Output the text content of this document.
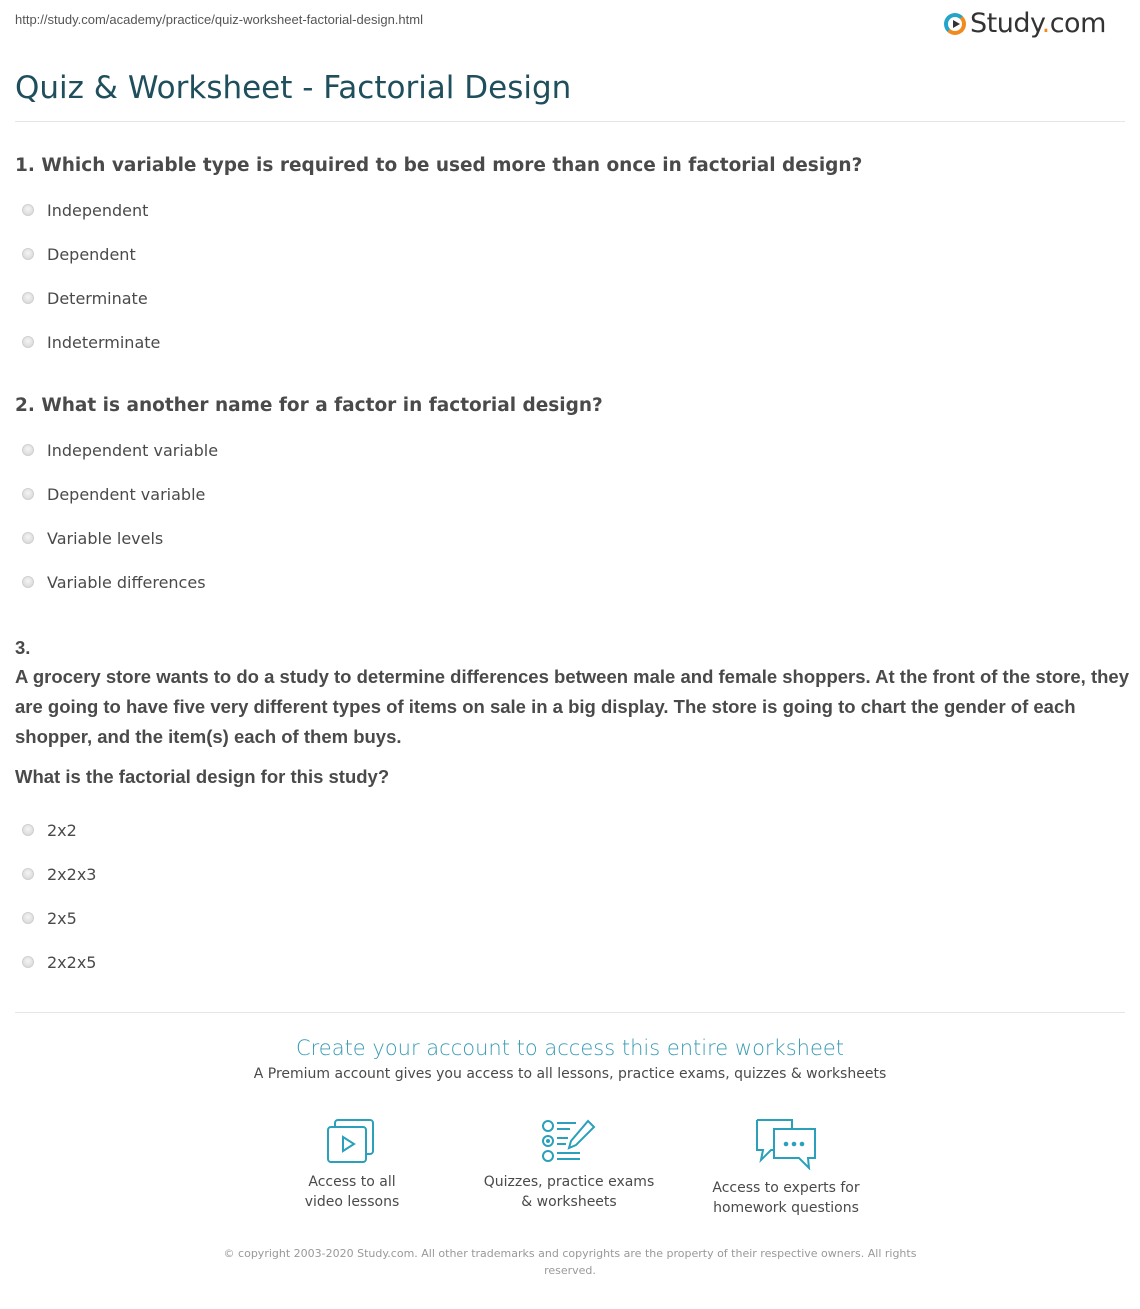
http://study.com/academy/practice/quiz-worksheet-factorial-design.html	Study.com
Quiz & Worksheet - Factorial Design
1. Which variable type is required to be used more than once in factorial design?
Independent
Dependent
Determinate
Indeterminate
2. What is another name for a factor in factorial design?
Independent variable
Dependent variable
Variable levels
Variable differences
3.
A grocery store wants to do a study to determine differences between male and female shoppers. At the front of the store, they are going to have five very different types of items on sale in a big display. The store is going to chart the gender of each shopper, and the item(s) each of them buys.
What is the factorial design for this study?
2x2
2x2x3
2x5
2x2x5
Create your account to access this entire worksheet
A Premium account gives you access to all lessons, practice exams, quizzes & worksheets
Access to all
video lessons
Quizzes, practice exams
& worksheets
Access to experts for
homework questions
© copyright 2003-2020 Study.com. All other trademarks and copyrights are the property of their respective owners. All rights reserved.
